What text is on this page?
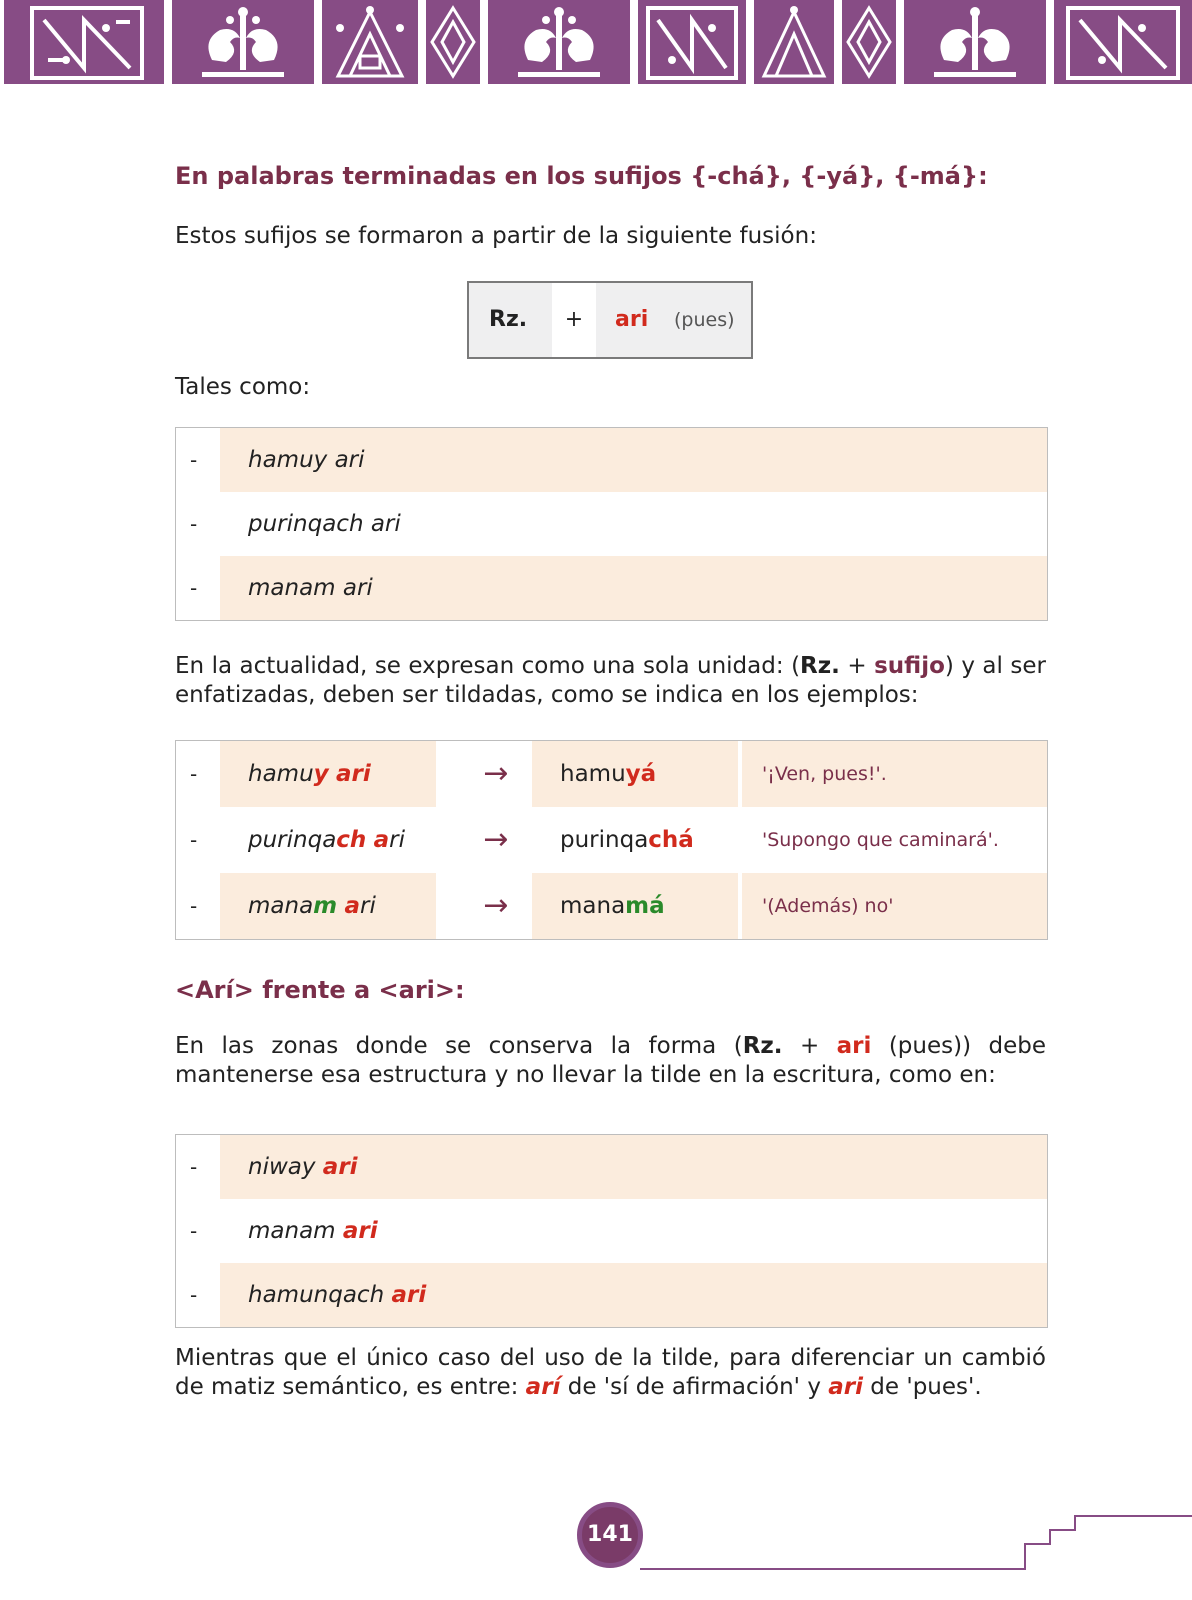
En palabras terminadas en los sufijos {-chá}, {-yá}, {-má}:

Estos sufijos se formaron a partir de la siguiente fusión:

+
Rz.	ari (pues)

Tales como:

- hamuy ari
- purinqach ari
- manam ari

En la actualidad, se expresan como una sola unidad: (Rz. + sufijo) y al ser enfatizadas, deben ser tildadas, como se indica en los ejemplos:

-	hamuy ari	→	hamuyá	'¡Ven, pues!'.
-	purinqach ari	→	purinqachá	'Supongo que caminará'.
-	manam ari	→	manamá	'(Además) no'
<Arí> frente a <ari>:

En las zonas donde se conserva la forma (Rz. + ari (pues)) debe mantenerse esa estructura y no llevar la tilde en la escritura, como en:

- niway ari
- manam ari
- hamunqach ari

Mientras que el único caso del uso de la tilde, para diferenciar un cambió de matiz semántico, es entre: arí de 'sí de afirmación' y ari de 'pues'.

141
